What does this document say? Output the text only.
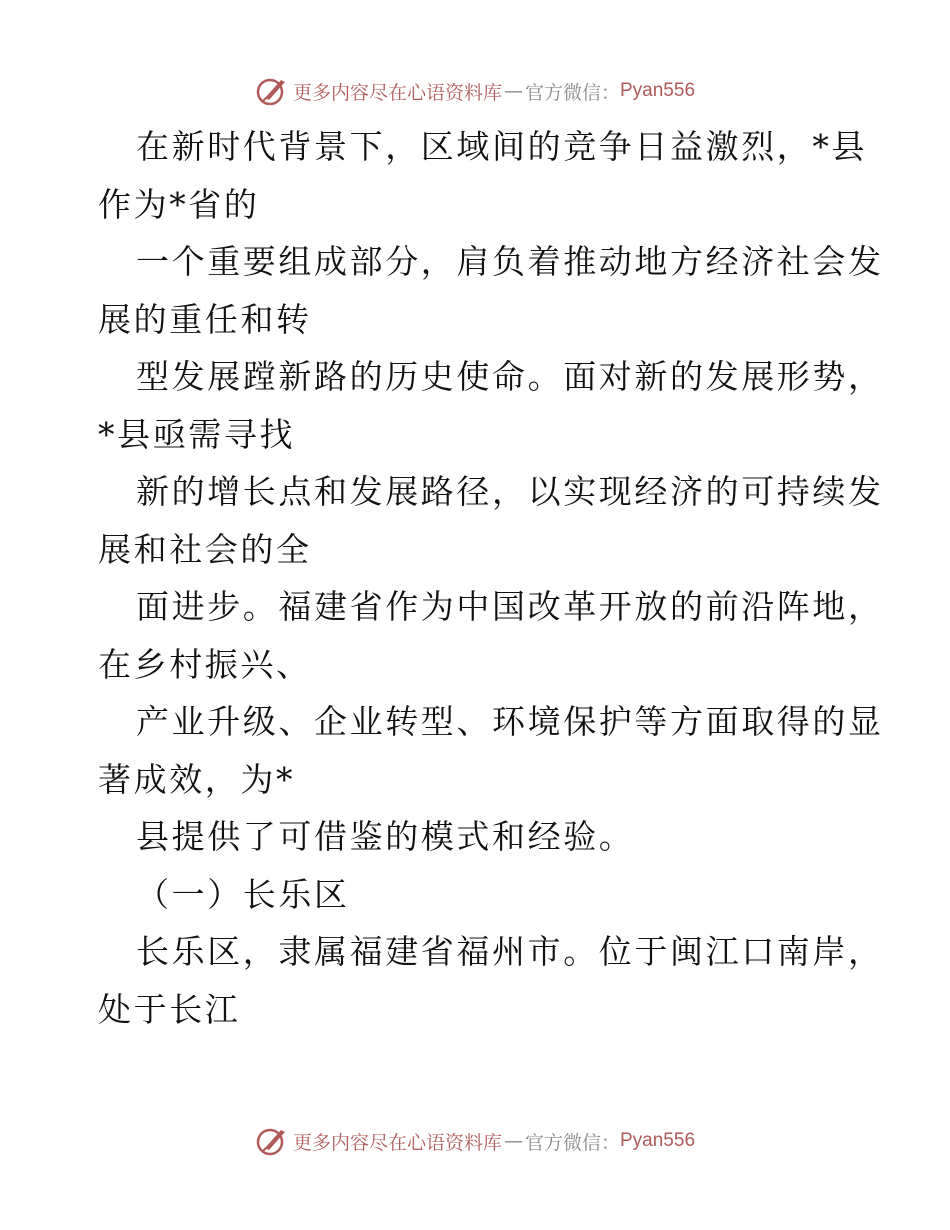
更多内容尽在心语资料库 — 官方微信： Pyan556
在新时代背景下，区域间的竞争日益激烈，*县
作为*省的
一个重要组成部分，肩负着推动地方经济社会发
展的重任和转
型发展蹚新路的历史使命。面对新的发展形势，
*县亟需寻找
新的增长点和发展路径，以实现经济的可持续发
展和社会的全
面进步。福建省作为中国改革开放的前沿阵地，
在乡村振兴、
产业升级、企业转型、环境保护等方面取得的显
著成效，为*
县提供了可借鉴的模式和经验。
（一）长乐区
长乐区，隶属福建省福州市。位于闽江口南岸，
处于长江
更多内容尽在心语资料库 — 官方微信： Pyan556
